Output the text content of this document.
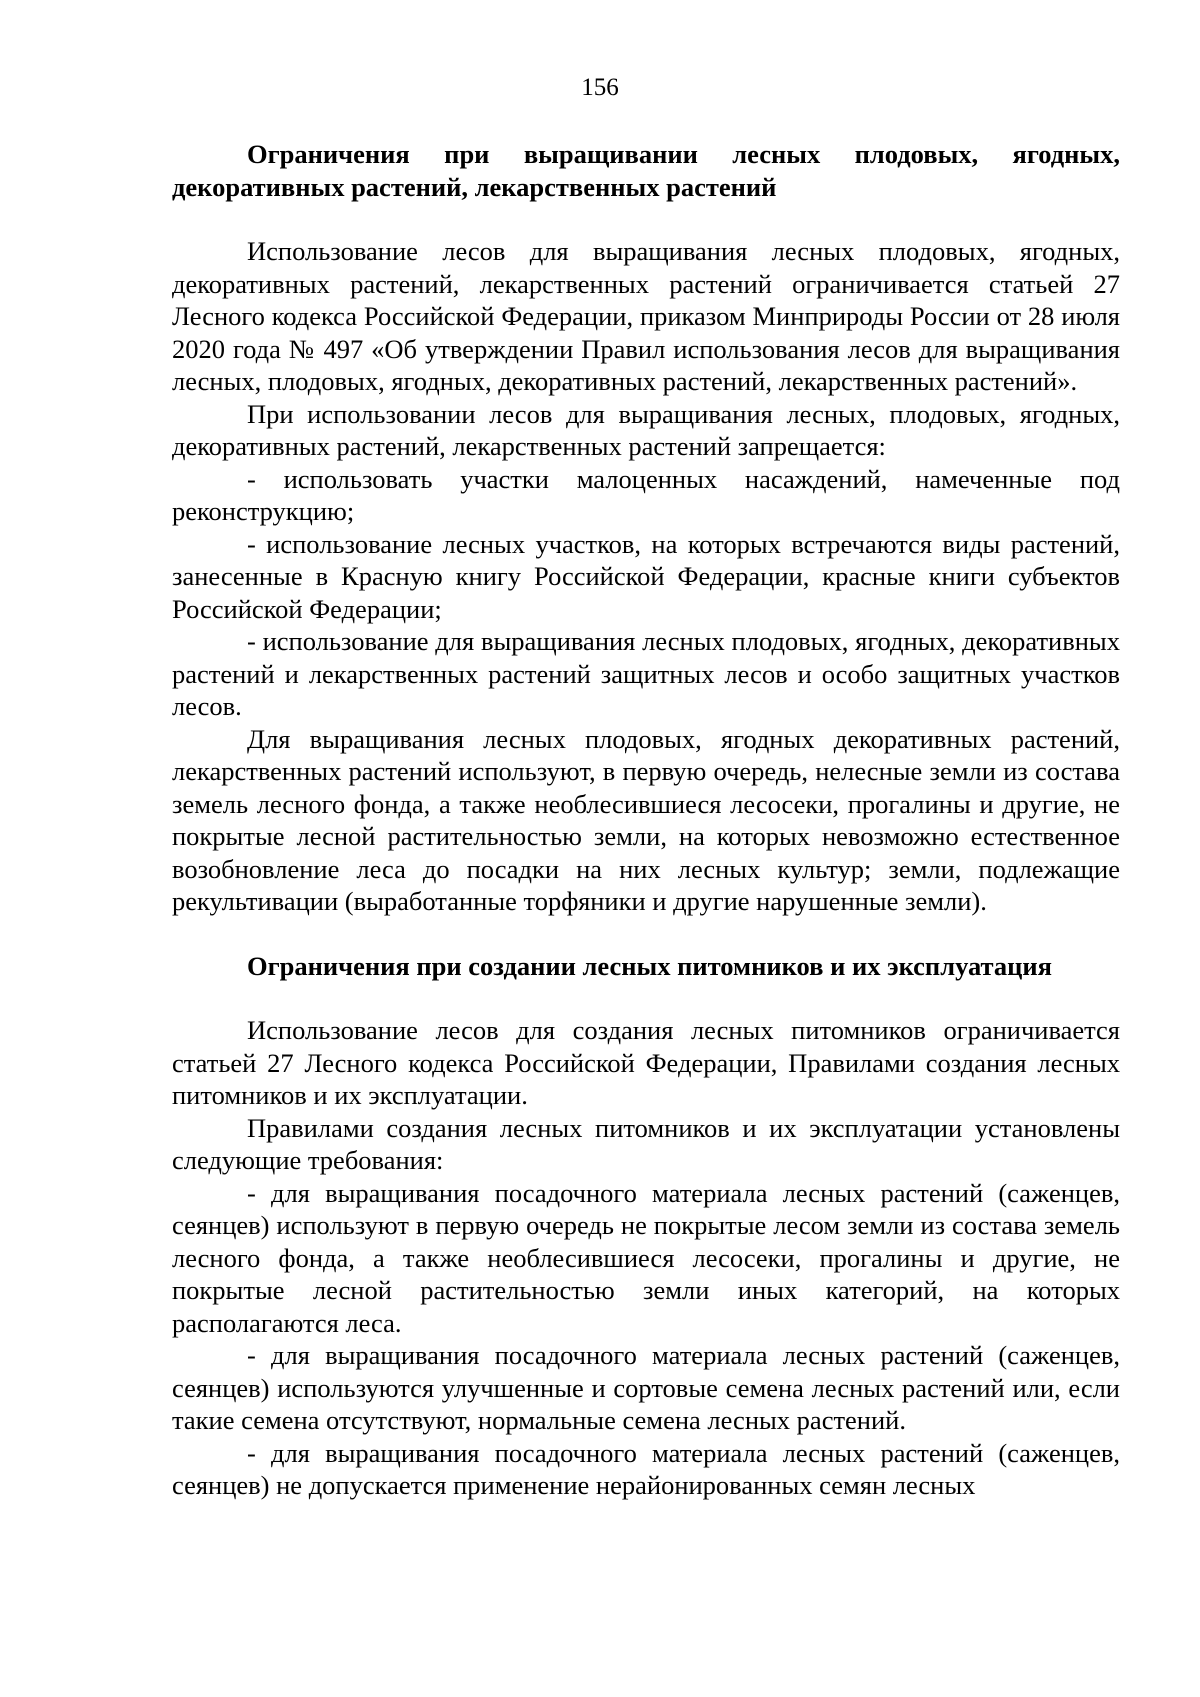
156

Ограничения при выращивании лесных плодовых, ягодных, декоративных растений, лекарственных растений

Использование лесов для выращивания лесных плодовых, ягодных, декоративных растений, лекарственных растений ограничивается статьей 27 Лесного кодекса Российской Федерации, приказом Минприроды России от 28 июля 2020 года № 497 «Об утверждении Правил использования лесов для выращивания лесных, плодовых, ягодных, декоративных растений, лекарственных растений».

При использовании лесов для выращивания лесных, плодовых, ягодных, декоративных растений, лекарственных растений запрещается:

- использовать участки малоценных насаждений, намеченные под реконструкцию;

- использование лесных участков, на которых встречаются виды растений, занесенные в Красную книгу Российской Федерации, красные книги субъектов Российской Федерации;

- использование для выращивания лесных плодовых, ягодных, декоративных растений и лекарственных растений защитных лесов и особо защитных участков лесов.

Для выращивания лесных плодовых, ягодных декоративных растений, лекарственных растений используют, в первую очередь, нелесные земли из состава земель лесного фонда, а также необлесившиеся лесосеки, прогалины и другие, не покрытые лесной растительностью земли, на которых невозможно естественное возобновление леса до посадки на них лесных культур; земли, подлежащие рекультивации (выработанные торфяники и другие нарушенные земли).

Ограничения при создании лесных питомников и их эксплуатация

Использование лесов для создания лесных питомников ограничивается статьей 27 Лесного кодекса Российской Федерации, Правилами создания лесных питомников и их эксплуатации.

Правилами создания лесных питомников и их эксплуатации установлены следующие требования:

- для выращивания посадочного материала лесных растений (саженцев, сеянцев) используют в первую очередь не покрытые лесом земли из состава земель лесного фонда, а также необлесившиеся лесосеки, прогалины и другие, не покрытые лесной растительностью земли иных категорий, на которых располагаются леса.

- для выращивания посадочного материала лесных растений (саженцев, сеянцев) используются улучшенные и сортовые семена лесных растений или, если такие семена отсутствуют, нормальные семена лесных растений.

- для выращивания посадочного материала лесных растений (саженцев, сеянцев) не допускается применение нерайонированных семян лесных
